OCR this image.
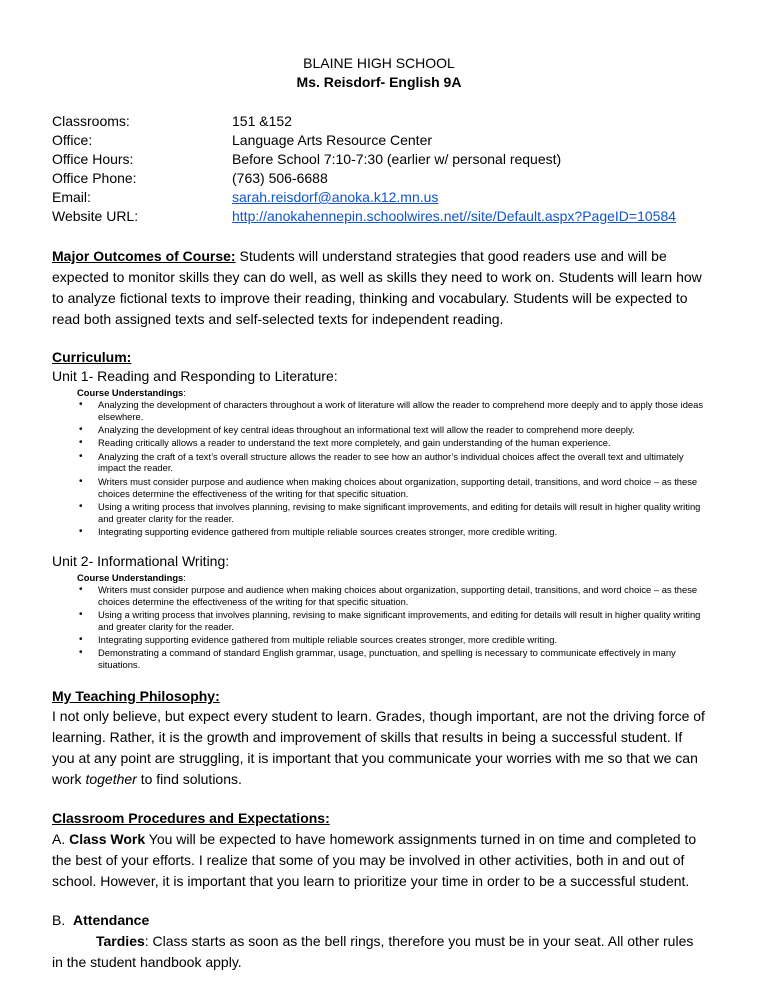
BLAINE HIGH SCHOOL
Ms. Reisdorf- English 9A
Classrooms:
Office:
Office Hours:
Office Phone:
Email:
Website URL:
151 &152
Language Arts Resource Center
Before School 7:10-7:30 (earlier w/ personal request)
(763) 506-6688
sarah.reisdorf@anoka.k12.mn.us
http://anokahennepin.schoolwires.net//site/Default.aspx?PageID=10584
Major Outcomes of Course: Students will understand strategies that good readers use and will be expected to monitor skills they can do well, as well as skills they need to work on. Students will learn how to analyze fictional texts to improve their reading, thinking and vocabulary. Students will be expected to read both assigned texts and self-selected texts for independent reading.
Curriculum:
Unit 1- Reading and Responding to Literature:
Course Understandings:
• Analyzing the development of characters throughout a work of literature will allow the reader to comprehend more deeply and to apply those ideas elsewhere.
• Analyzing the development of key central ideas throughout an informational text will allow the reader to comprehend more deeply.
• Reading critically allows a reader to understand the text more completely, and gain understanding of the human experience.
• Analyzing the craft of a text’s overall structure allows the reader to see how an author’s individual choices affect the overall text and ultimately impact the reader.
• Writers must consider purpose and audience when making choices about organization, supporting detail, transitions, and word choice – as these choices determine the effectiveness of the writing for that specific situation.
• Using a writing process that involves planning, revising to make significant improvements, and editing for details will result in higher quality writing and greater clarity for the reader.
• Integrating supporting evidence gathered from multiple reliable sources creates stronger, more credible writing.
Unit 2- Informational Writing:
Course Understandings:
• Writers must consider purpose and audience when making choices about organization, supporting detail, transitions, and word choice – as these choices determine the effectiveness of the writing for that specific situation.
• Using a writing process that involves planning, revising to make significant improvements, and editing for details will result in higher quality writing and greater clarity for the reader.
• Integrating supporting evidence gathered from multiple reliable sources creates stronger, more credible writing.
• Demonstrating a command of standard English grammar, usage, punctuation, and spelling is necessary to communicate effectively in many situations.
My Teaching Philosophy:
I not only believe, but expect every student to learn. Grades, though important, are not the driving force of learning. Rather, it is the growth and improvement of skills that results in being a successful student. If you at any point are struggling, it is important that you communicate your worries with me so that we can work together to find solutions.
Classroom Procedures and Expectations:
A. Class Work You will be expected to have homework assignments turned in on time and completed to the best of your efforts. I realize that some of you may be involved in other activities, both in and out of school. However, it is important that you learn to prioritize your time in order to be a successful student.
B.  Attendance
Tardies: Class starts as soon as the bell rings, therefore you must be in your seat. All other rules in the student handbook apply.
